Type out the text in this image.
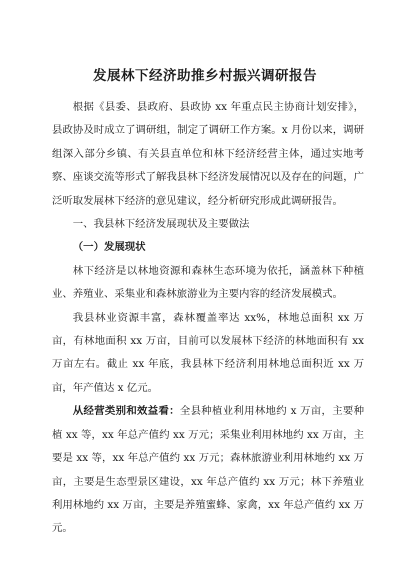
发展林下经济助推乡村振兴调研报告

根据《县委、县政府、县政协 xx 年重点民主协商计划安排》，县政协及时成立了调研组，制定了调研工作方案。x 月份以来，调研组深入部分乡镇、有关县直单位和林下经济经营主体，通过实地考察、座谈交流等形式了解我县林下经济发展情况以及存在的问题，广泛听取发展林下经济的意见建议，经分析研究形成此调研报告。

一、我县林下经济发展现状及主要做法

（一）发展现状

林下经济是以林地资源和森林生态环境为依托，涵盖林下种植业、养殖业、采集业和森林旅游业为主要内容的经济发展模式。

我县林业资源丰富，森林覆盖率达 xx%，林地总面积 xx 万亩，有林地面积 xx 万亩，目前可以发展林下经济的林地面积有 xx 万亩左右。截止 xx 年底，我县林下经济利用林地总面积近 xx 万亩，年产值达 x 亿元。

从经营类别和效益看：全县种植业利用林地约 x 万亩，主要种植 xx 等，xx 年总产值约 xx 万元；采集业利用林地约 xx 万亩，主要是 xx 等，xx 年总产值约 xx 万元；森林旅游业利用林地约 xx 万亩，主要是生态型景区建设，xx 年总产值约 xx 万元；林下养殖业利用林地约 xx 万亩，主要是养殖蜜蜂、家禽，xx 年总产值约 xx 万元。
